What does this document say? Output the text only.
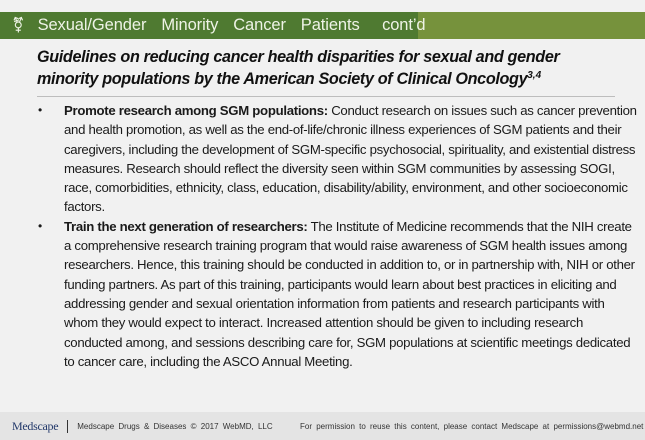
⚧ Sexual/Gender  Minority  Cancer  Patients   cont’d
Guidelines on reducing cancer health disparities for sexual and gender minority populations by the American Society of Clinical Oncology$^{3,4}$
•	Promote research among SGM populations: Conduct research on issues such as cancer prevention and health promotion, as well as the end-of-life/chronic illness experiences of SGM patients and their caregivers, including the development of SGM-specific psychosocial, spirituality, and existential distress measures. Research should reflect the diversity seen within SGM communities by assessing SOGI, race, comorbidities, ethnicity, class, education, disability/ability, environment, and other socioeconomic factors.
•	Train the next generation of researchers: The Institute of Medicine recommends that the NIH create a comprehensive research training program that would raise awareness of SGM health issues among researchers. Hence, this training should be conducted in addition to, or in partnership with, NIH or other funding partners. As part of this training, participants would learn about best practices in eliciting and addressing gender and sexual orientation information from patients and research participants with whom they would expect to interact. Increased attention should be given to including research conducted among, and sessions describing care for, SGM populations at scientific meetings dedicated to cancer care, including the ASCO Annual Meeting.
Medscape Medscape Drugs & Diseases © 2017 WebMD, LLC	For permission to reuse this content, please contact Medscape at permissions@webmd.net
